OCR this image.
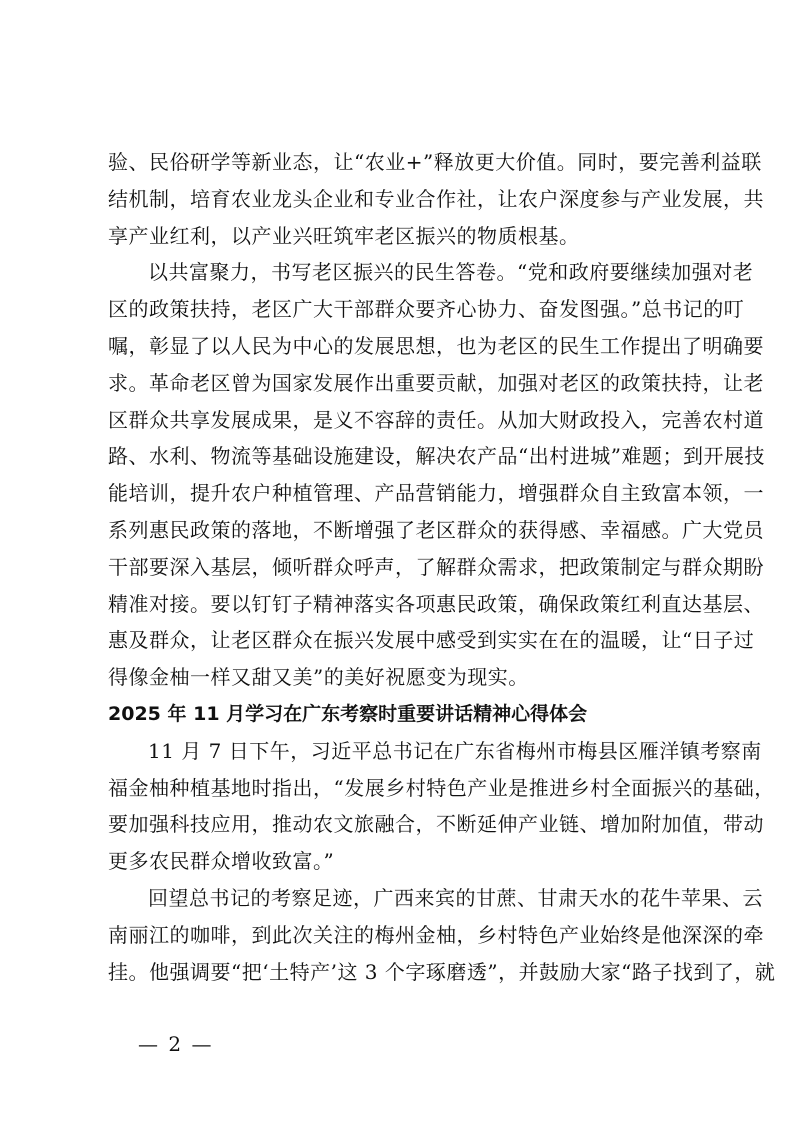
验、民俗研学等新业态，让“农业+”释放更大价值。同时，要完善利益联
结机制，培育农业龙头企业和专业合作社，让农户深度参与产业发展，共
享产业红利，以产业兴旺筑牢老区振兴的物质根基。
以共富聚力，书写老区振兴的民生答卷。“党和政府要继续加强对老
区的政策扶持，老区广大干部群众要齐心协力、奋发图强。”总书记的叮
嘱，彰显了以人民为中心的发展思想，也为老区的民生工作提出了明确要
求。革命老区曾为国家发展作出重要贡献，加强对老区的政策扶持，让老
区群众共享发展成果，是义不容辞的责任。从加大财政投入，完善农村道
路、水利、物流等基础设施建设，解决农产品“出村进城”难题；到开展技
能培训，提升农户种植管理、产品营销能力，增强群众自主致富本领，一
系列惠民政策的落地，不断增强了老区群众的获得感、幸福感。广大党员
干部要深入基层，倾听群众呼声，了解群众需求，把政策制定与群众期盼
精准对接。要以钉钉子精神落实各项惠民政策，确保政策红利直达基层、
惠及群众，让老区群众在振兴发展中感受到实实在在的温暖，让“日子过
得像金柚一样又甜又美”的美好祝愿变为现实。
2025 年 11 月学习在广东考察时重要讲话精神心得体会
11 月 7 日下午，习近平总书记在广东省梅州市梅县区雁洋镇考察南
福金柚种植基地时指出，“发展乡村特色产业是推进乡村全面振兴的基础，
要加强科技应用，推动农文旅融合，不断延伸产业链、增加附加值，带动
更多农民群众增收致富。”
回望总书记的考察足迹，广西来宾的甘蔗、甘肃天水的花牛苹果、云
南丽江的咖啡，到此次关注的梅州金柚，乡村特色产业始终是他深深的牵
挂。他强调要“把‘土特产’这 3 个字琢磨透”，并鼓励大家“路子找到了，就
— 2 —
